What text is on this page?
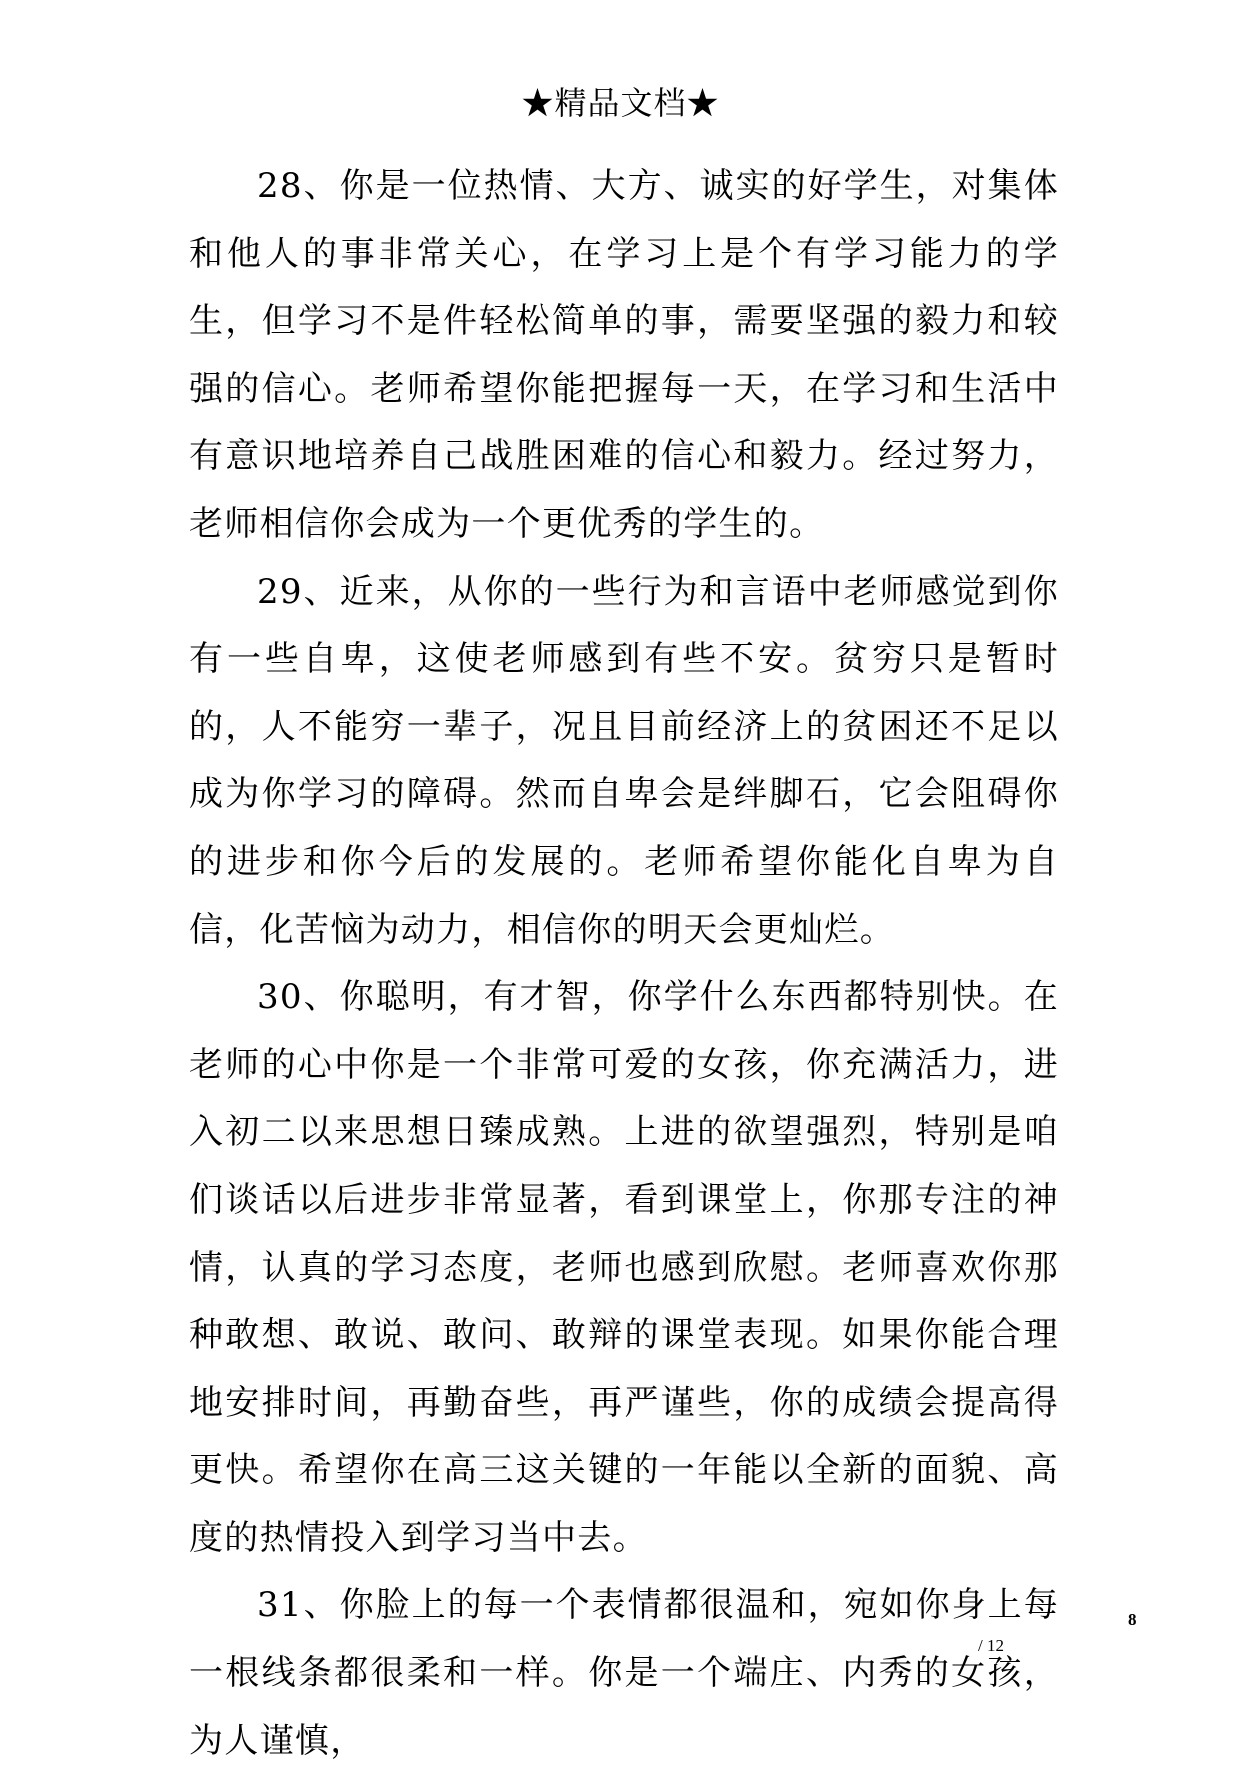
★精品文档★

28、你是一位热情、大方、诚实的好学生，对集体和他人的事非常关心，在学习上是个有学习能力的学生，但学习不是件轻松简单的事，需要坚强的毅力和较强的信心。老师希望你能把握每一天，在学习和生活中有意识地培养自己战胜困难的信心和毅力。经过努力，老师相信你会成为一个更优秀的学生的。

29、近来，从你的一些行为和言语中老师感觉到你有一些自卑，这使老师感到有些不安。贫穷只是暂时的，人不能穷一辈子，况且目前经济上的贫困还不足以成为你学习的障碍。然而自卑会是绊脚石，它会阻碍你的进步和你今后的发展的。老师希望你能化自卑为自信，化苦恼为动力，相信你的明天会更灿烂。

30、你聪明，有才智，你学什么东西都特别快。在老师的心中你是一个非常可爱的女孩，你充满活力，进入初二以来思想日臻成熟。上进的欲望强烈，特别是咱们谈话以后进步非常显著，看到课堂上，你那专注的神情，认真的学习态度，老师也感到欣慰。老师喜欢你那种敢想、敢说、敢问、敢辩的课堂表现。如果你能合理地安排时间，再勤奋些，再严谨些，你的成绩会提高得更快。希望你在高三这关键的一年能以全新的面貌、高度的热情投入到学习当中去。

31、你脸上的每一个表情都很温和，宛如你身上每一根线条都很柔和一样。你是一个端庄、内秀的女孩，为人谨慎，

8
/ 12
